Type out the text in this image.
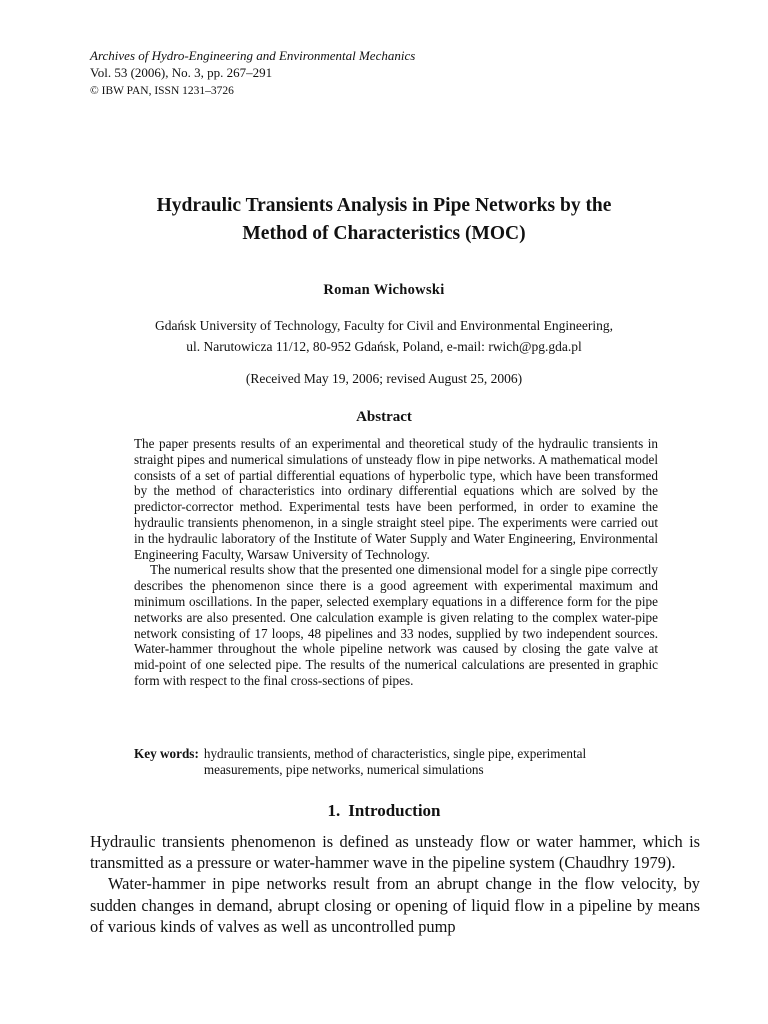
Archives of Hydro-Engineering and Environmental Mechanics
Vol. 53 (2006), No. 3, pp. 267–291
© IBW PAN, ISSN 1231–3726
Hydraulic Transients Analysis in Pipe Networks by the
Method of Characteristics (MOC)
Roman Wichowski
Gdańsk University of Technology, Faculty for Civil and Environmental Engineering,
ul. Narutowicza 11/12, 80-952 Gdańsk, Poland, e-mail: rwich@pg.gda.pl
(Received May 19, 2006; revised August 25, 2006)
Abstract

The paper presents results of an experimental and theoretical study of the hydraulic transients in straight pipes and numerical simulations of unsteady flow in pipe networks. A mathematical model consists of a set of partial differential equations of hyperbolic type, which have been transformed by the method of characteristics into ordinary differential equations which are solved by the predictor-corrector method. Experimental tests have been performed, in order to examine the hydraulic transients phenomenon, in a single straight steel pipe. The experiments were carried out in the hydraulic laboratory of the Institute of Water Supply and Water Engineering, Environmental Engineering Faculty, Warsaw University of Technology.

The numerical results show that the presented one dimensional model for a single pipe correctly describes the phenomenon since there is a good agreement with experimental maximum and minimum oscillations. In the paper, selected exemplary equations in a difference form for the pipe networks are also presented. One calculation example is given relating to the complex water-pipe network consisting of 17 loops, 48 pipelines and 33 nodes, supplied by two independent sources. Water-hammer throughout the whole pipeline network was caused by closing the gate valve at mid-point of one selected pipe. The results of the numerical calculations are presented in graphic form with respect to the final cross-sections of pipes.

Key words: hydraulic transients, method of characteristics, single pipe, experimental measurements, pipe networks, numerical simulations
1. Introduction

Hydraulic transients phenomenon is defined as unsteady flow or water hammer, which is transmitted as a pressure or water-hammer wave in the pipeline system (Chaudhry 1979).

Water-hammer in pipe networks result from an abrupt change in the flow velocity, by sudden changes in demand, abrupt closing or opening of liquid flow in a pipeline by means of various kinds of valves as well as uncontrolled pump
